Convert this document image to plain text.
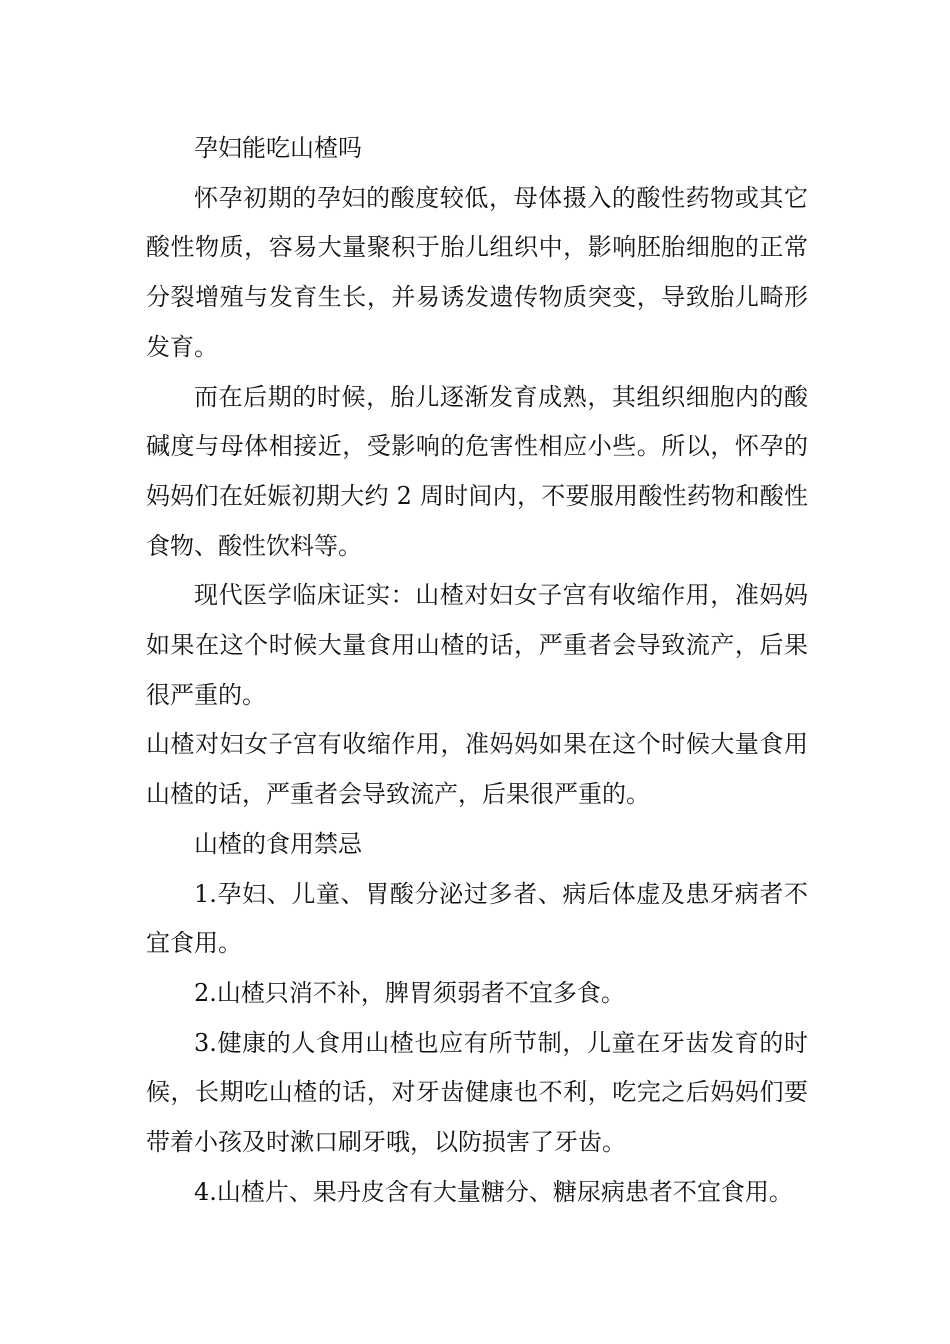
孕妇能吃山楂吗

怀孕初期的孕妇的酸度较低，母体摄入的酸性药物或其它酸性物质，容易大量聚积于胎儿组织中，影响胚胎细胞的正常分裂增殖与发育生长，并易诱发遗传物质突变，导致胎儿畸形发育。

而在后期的时候，胎儿逐渐发育成熟，其组织细胞内的酸碱度与母体相接近，受影响的危害性相应小些。所以，怀孕的妈妈们在妊娠初期大约 2 周时间内，不要服用酸性药物和酸性食物、酸性饮料等。

现代医学临床证实：山楂对妇女子宫有收缩作用，准妈妈如果在这个时候大量食用山楂的话，严重者会导致流产，后果很严重的。

山楂对妇女子宫有收缩作用，准妈妈如果在这个时候大量食用山楂的话，严重者会导致流产，后果很严重的。

山楂的食用禁忌

1.孕妇、儿童、胃酸分泌过多者、病后体虚及患牙病者不宜食用。

2.山楂只消不补，脾胃须弱者不宜多食。

3.健康的人食用山楂也应有所节制，儿童在牙齿发育的时候，长期吃山楂的话，对牙齿健康也不利，吃完之后妈妈们要带着小孩及时漱口刷牙哦，以防损害了牙齿。

4.山楂片、果丹皮含有大量糖分、糖尿病患者不宜食用。
